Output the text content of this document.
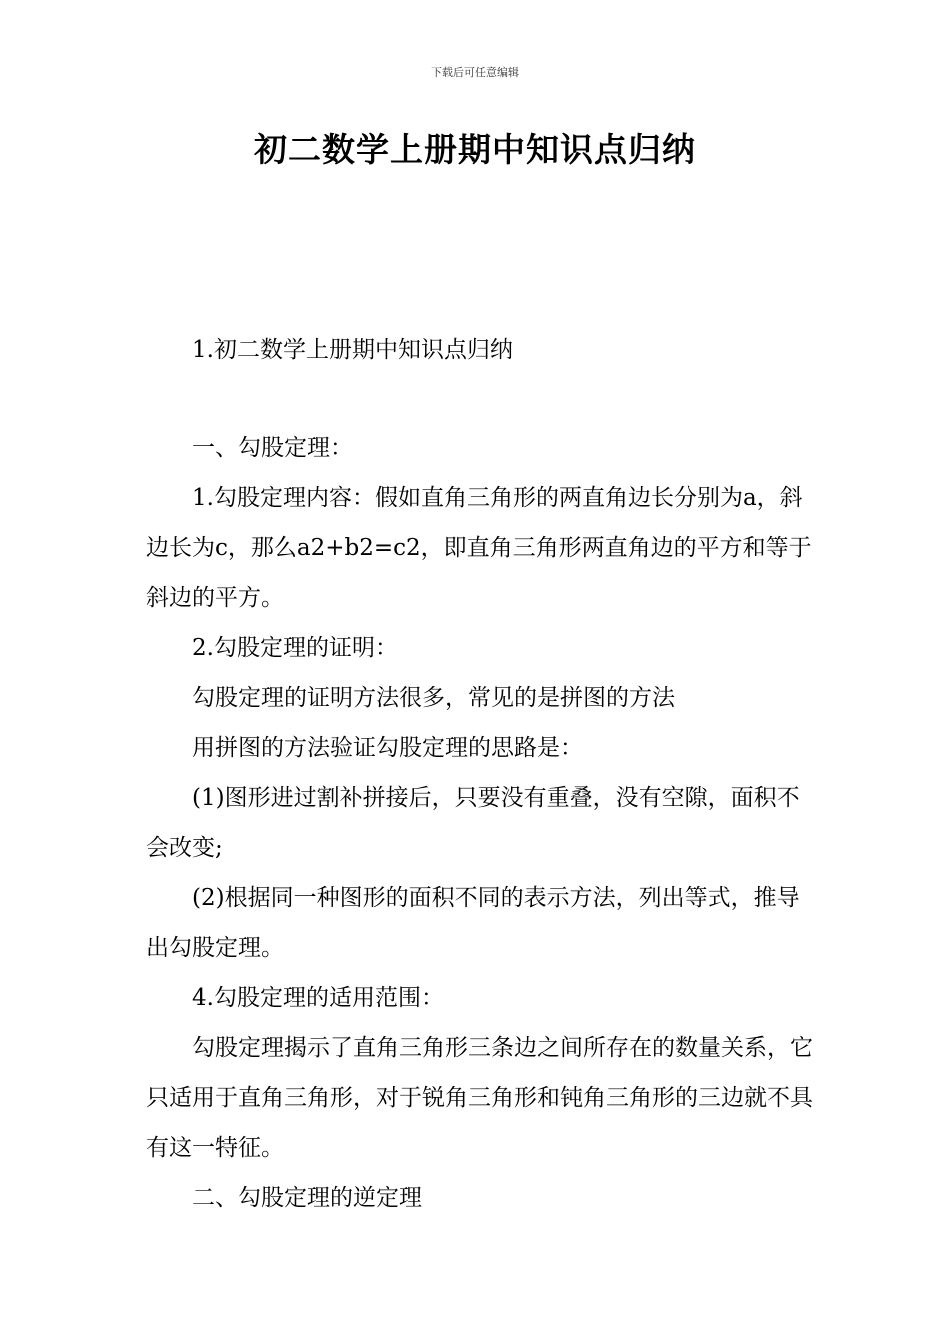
下载后可任意编辑
初二数学上册期中知识点归纳

1.初二数学上册期中知识点归纳

一、勾股定理：

1.勾股定理内容：假如直角三角形的两直角边长分别为a，斜边长为c，那么a2+b2=c2，即直角三角形两直角边的平方和等于斜边的平方。

2.勾股定理的证明：

勾股定理的证明方法很多，常见的是拼图的方法

用拼图的方法验证勾股定理的思路是：

(1)图形进过割补拼接后，只要没有重叠，没有空隙，面积不会改变;

(2)根据同一种图形的面积不同的表示方法，列出等式，推导出勾股定理。

4.勾股定理的适用范围：

勾股定理揭示了直角三角形三条边之间所存在的数量关系，它只适用于直角三角形，对于锐角三角形和钝角三角形的三边就不具有这一特征。

二、勾股定理的逆定理
